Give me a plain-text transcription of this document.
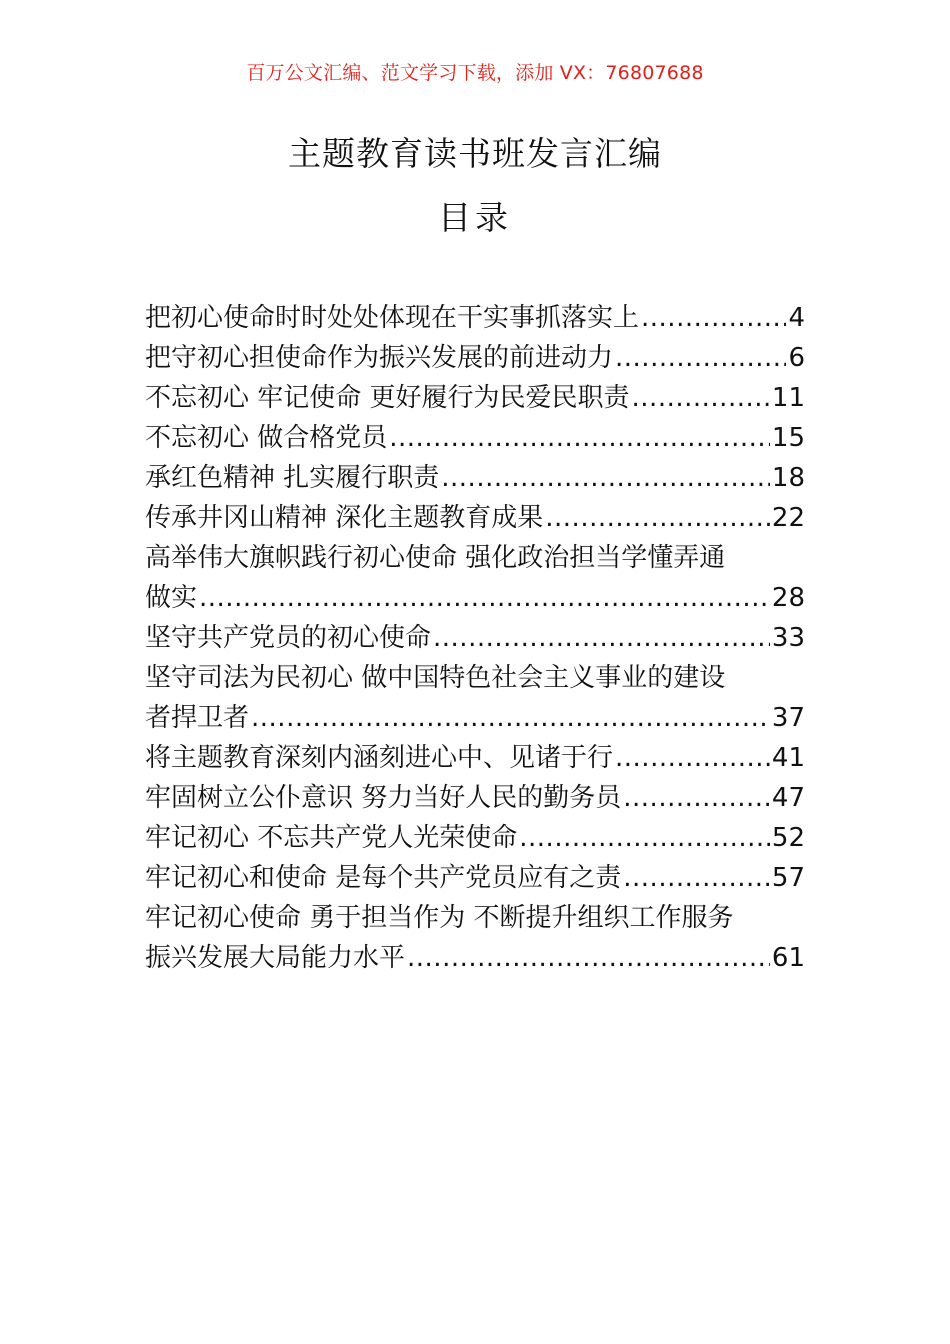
百万公文汇编、范文学习下载，添加 VX：76807688
主题教育读书班发言汇编
目录
把初心使命时时处处体现在干实事抓落实上 .....	4
把守初心担使命作为振兴发展的前进动力 .....	6
不忘初心 牢记使命 更好履行为民爱民职责 .....	11
不忘初心 做合格党员 .....	15
承红色精神 扎实履行职责 .....	18
传承井冈山精神 深化主题教育成果 .....	22
高举伟大旗帜践行初心使命 强化政治担当学懂弄通
做实 .....	28
坚守共产党员的初心使命 .....	33
坚守司法为民初心 做中国特色社会主义事业的建设
者捍卫者 .....	37
将主题教育深刻内涵刻进心中、见诸于行 .....	41
牢固树立公仆意识 努力当好人民的勤务员 .....	47
牢记初心 不忘共产党人光荣使命 .....	52
牢记初心和使命 是每个共产党员应有之责 .....	57
牢记初心使命 勇于担当作为 不断提升组织工作服务
振兴发展大局能力水平 .....	61
